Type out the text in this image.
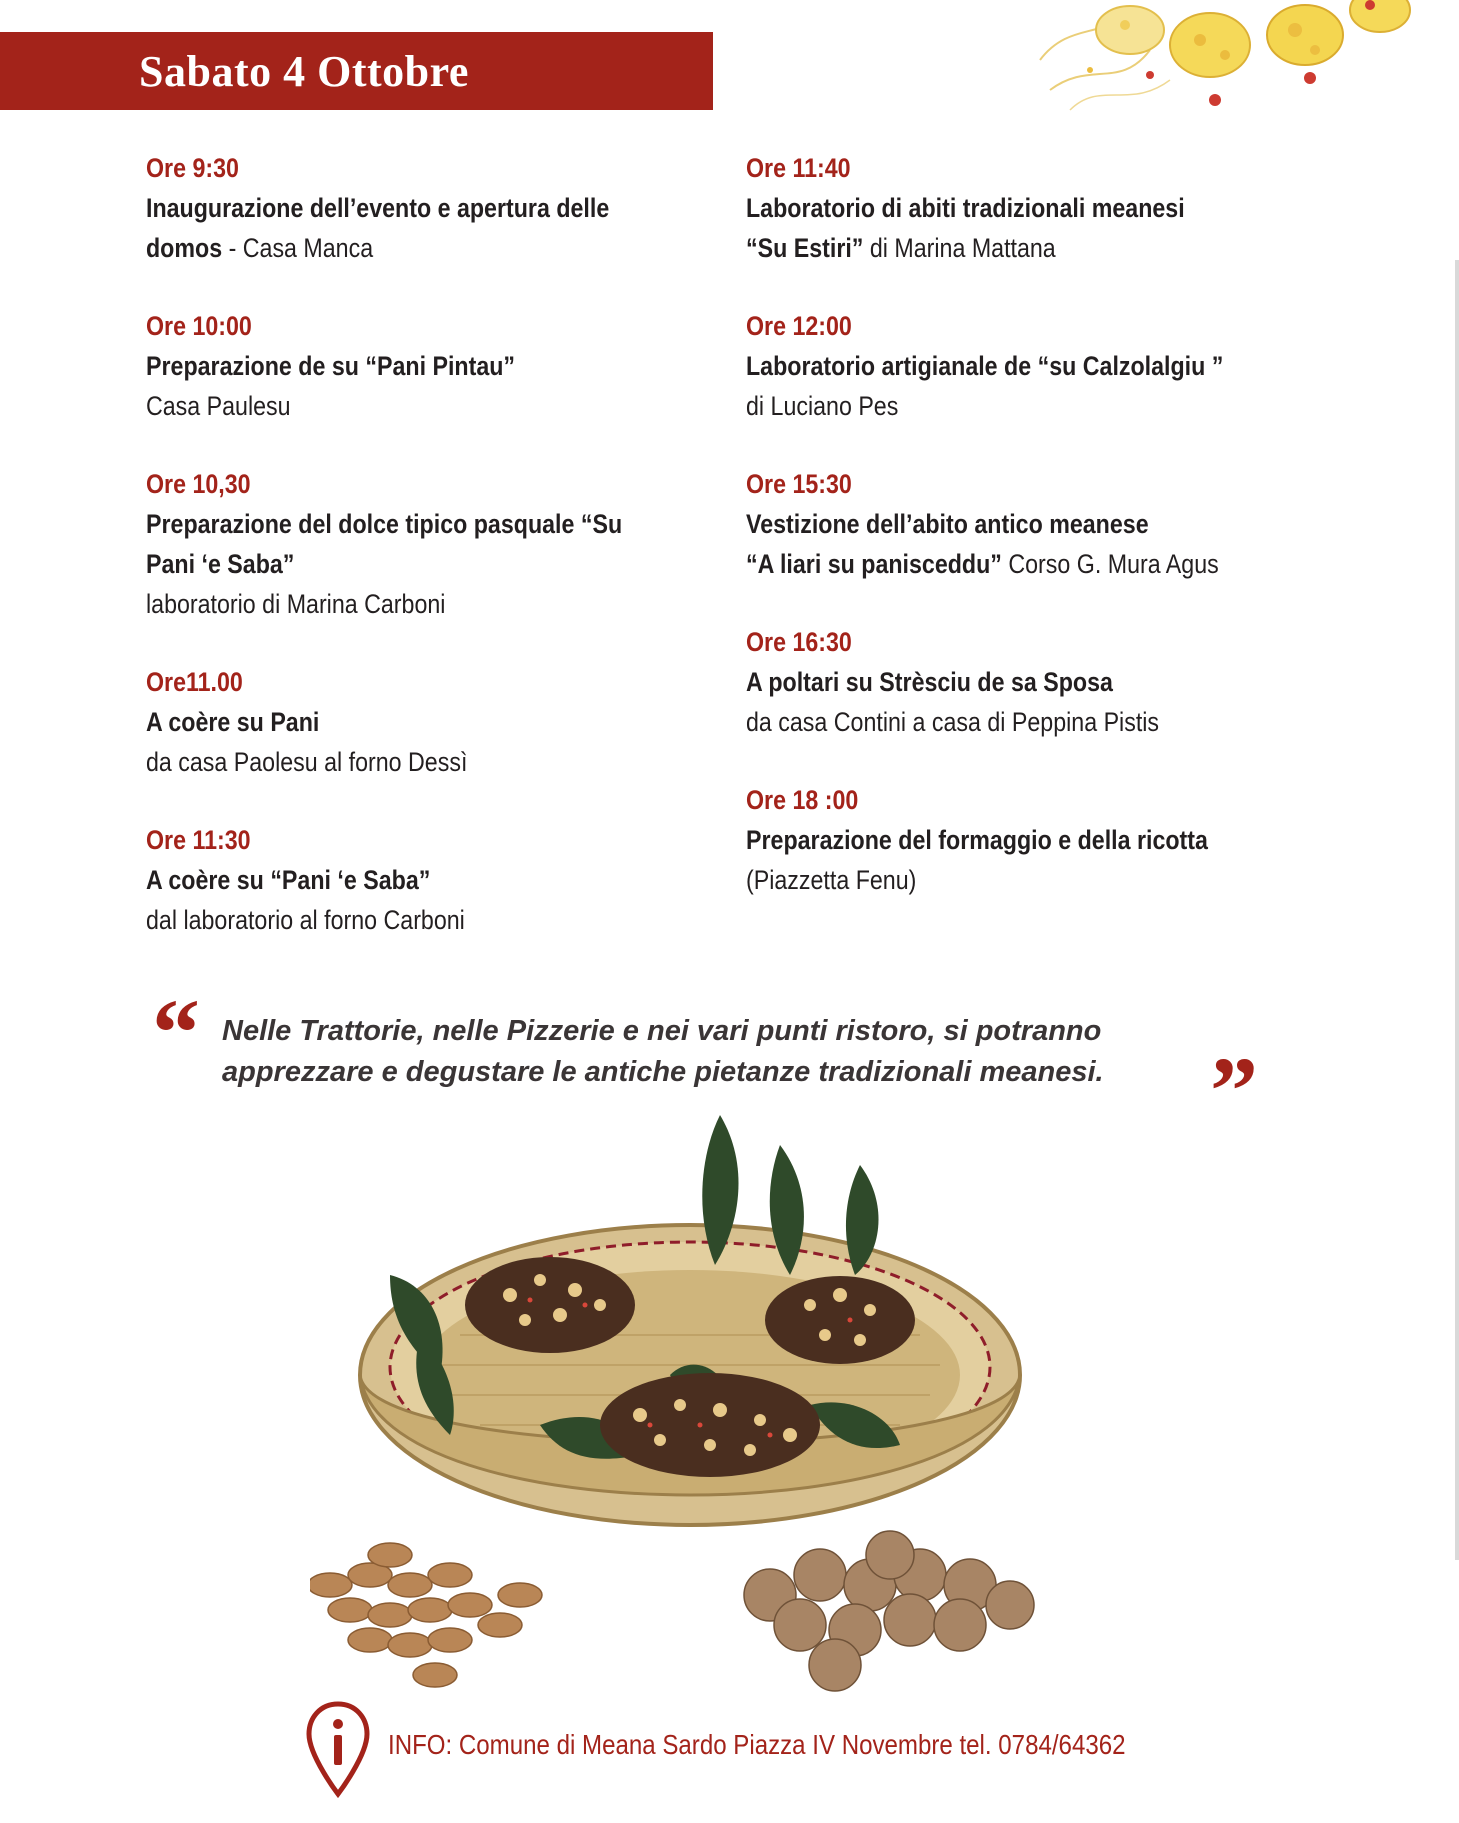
Sabato 4 Ottobre
Ore 9:30
Inaugurazione dell’evento e apertura delle
domos - Casa Manca
Ore 10:00
Preparazione de su “Pani Pintau”
Casa Paulesu
Ore 10,30
Preparazione del dolce tipico pasquale “Su
Pani ‘e Saba”
laboratorio di Marina Carboni
Ore11.00
A coère su Pani
da casa Paolesu al forno Dessì
Ore 11:30
A coère su “Pani ‘e Saba”
dal laboratorio al forno Carboni
Ore 11:40
Laboratorio di abiti tradizionali meanesi
“Su Estiri” di Marina Mattana
Ore 12:00
Laboratorio artigianale de “su Calzolalgiu ”
di Luciano Pes
Ore 15:30
Vestizione dell’abito antico meanese
“A liari su panisceddu” Corso G. Mura Agus
Ore 16:30
A poltari su Strèsciu de sa Sposa
da casa Contini a casa di Peppina Pistis
Ore 18 :00
Preparazione del formaggio e della ricotta
(Piazzetta Fenu)
“ Nelle Trattorie, nelle Pizzerie e nei vari punti ristoro, si potranno
apprezzare e degustare le antiche pietanze tradizionali meanesi.	”
INFO: Comune di Meana Sardo Piazza IV Novembre tel. 0784/64362
